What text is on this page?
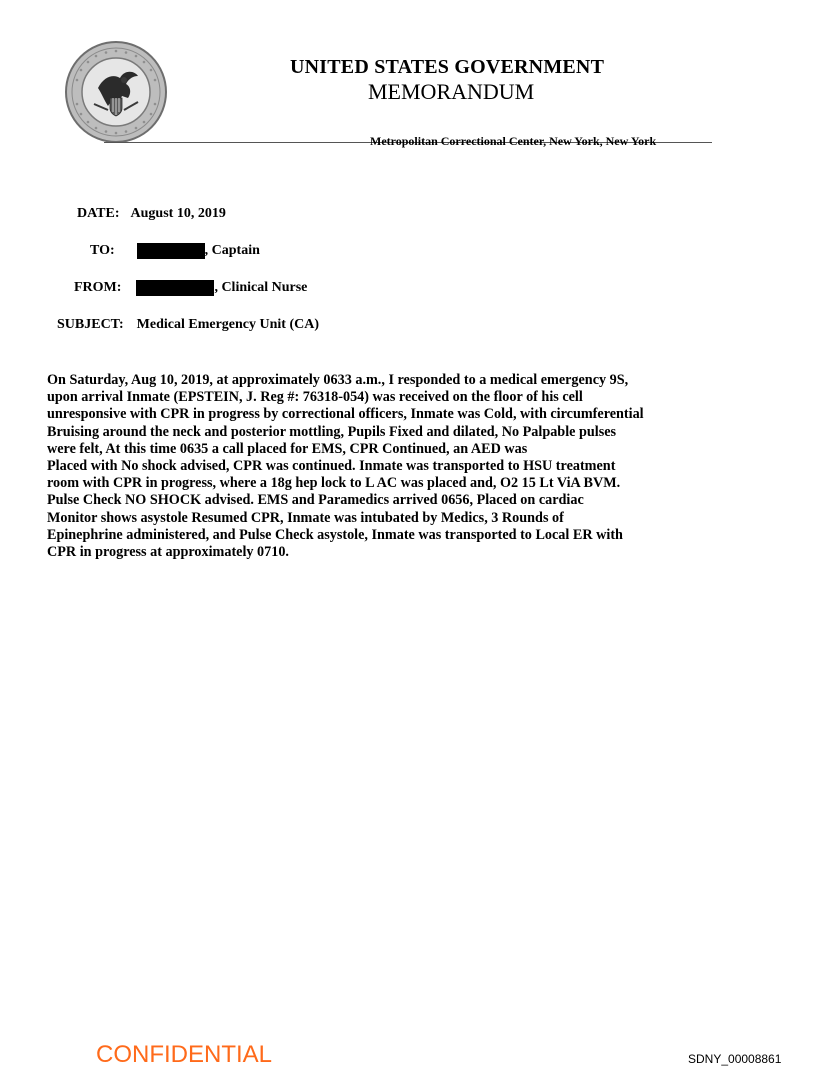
UNITED STATES GOVERNMENT
MEMORANDUM
Metropolitan Correctional Center, New York, New York
DATE: August 10, 2019
TO:	, Captain
FROM:	, Clinical Nurse
SUBJECT: Medical Emergency Unit (CA)

On Saturday, Aug 10, 2019, at approximately 0633 a.m., I responded to a medical emergency 9S,

upon arrival Inmate (EPSTEIN, J. Reg #: 76318-054) was received on the floor of his cell

unresponsive with CPR in progress by correctional officers, Inmate was Cold, with circumferential

Bruising around the neck and posterior mottling, Pupils Fixed and dilated, No Palpable pulses

were felt, At this time 0635 a call placed for EMS, CPR Continued, an AED was

Placed with No shock advised, CPR was continued. Inmate was transported to HSU treatment

room with CPR in progress, where a 18g hep lock to L AC was placed and, O2 15 Lt ViA BVM.

Pulse Check NO SHOCK advised. EMS and Paramedics arrived 0656, Placed on cardiac

Monitor shows asystole Resumed CPR, Inmate was intubated by Medics, 3 Rounds of

Epinephrine administered, and Pulse Check asystole, Inmate was transported to Local ER with

CPR in progress at approximately 0710.

CONFIDENTIAL	SDNY_00008861
